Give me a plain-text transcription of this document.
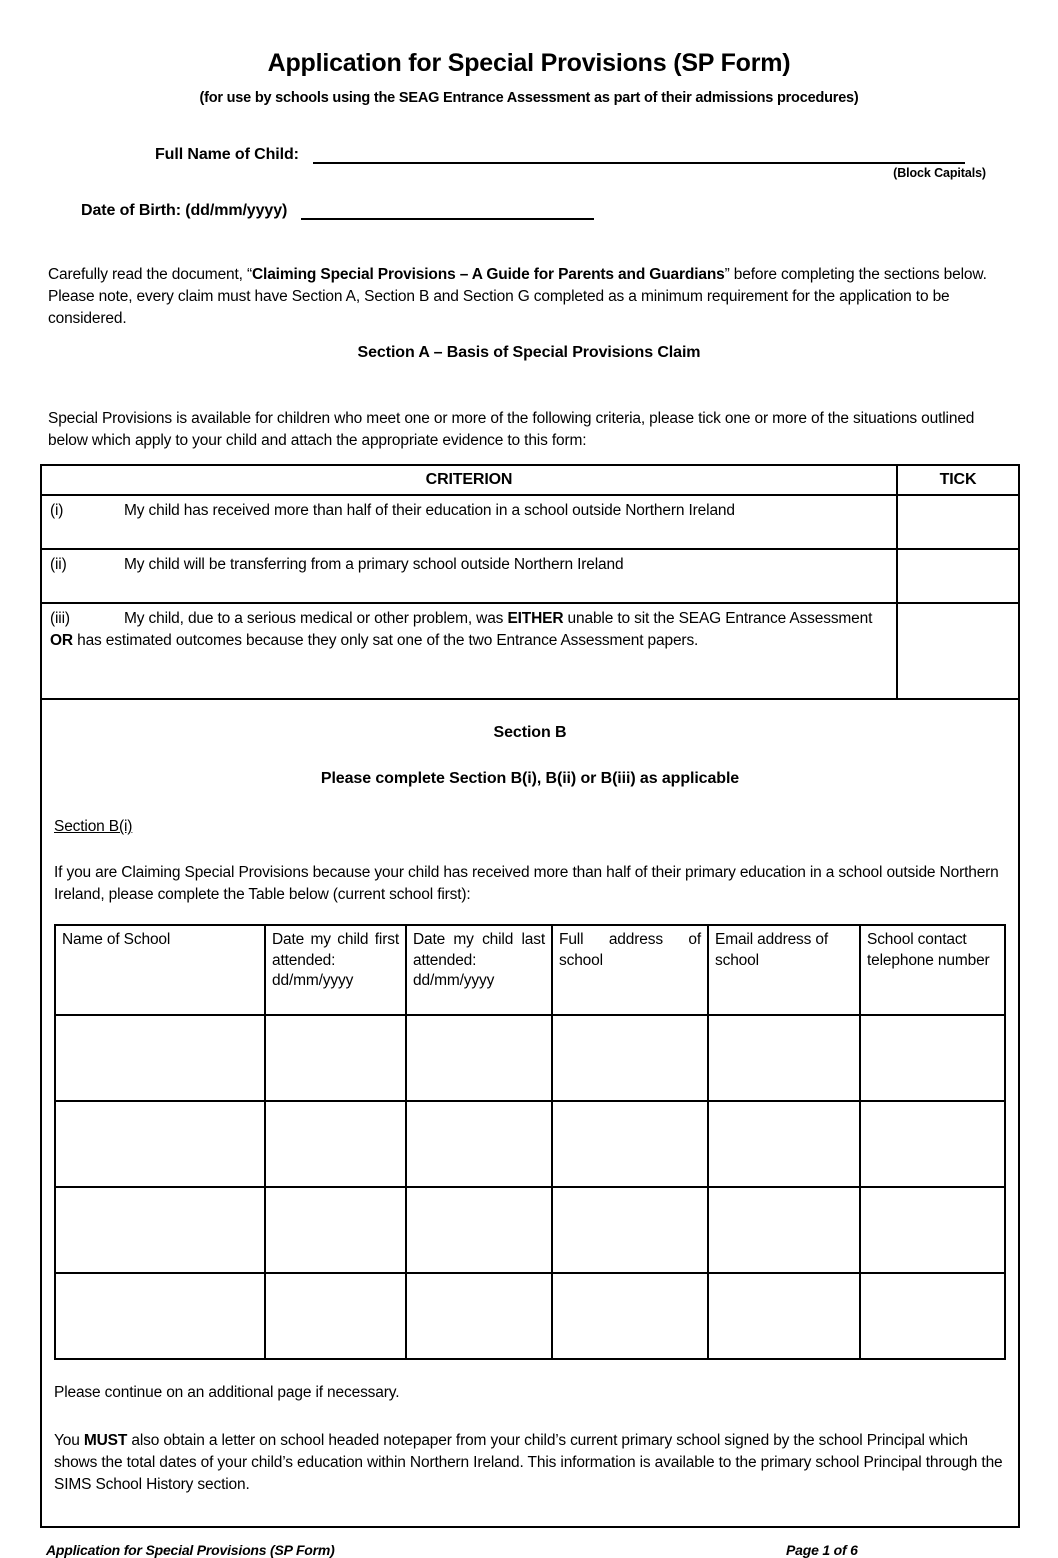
Application for Special Provisions (SP Form)
(for use by schools using the SEAG Entrance Assessment as part of their admissions procedures)
Full Name of Child:
(Block Capitals)
Date of Birth: (dd/mm/yyyy)

Carefully read the document, “Claiming Special Provisions – A Guide for Parents and Guardians” before completing the sections below. Please note, every claim must have Section A, Section B and Section G completed as a minimum requirement for the application to be considered.

Section A – Basis of Special Provisions Claim

Special Provisions is available for children who meet one or more of the following criteria, please tick one or more of the situations outlined below which apply to your child and attach the appropriate evidence to this form:

CRITERION	TICK
(i) My child has received more than half of their education in a school outside Northern Ireland	
(ii) My child will be transferring from a primary school outside Northern Ireland	
(iii) My child, due to a serious medical or other problem, was EITHER unable to sit the SEAG Entrance Assessment OR has estimated outcomes because they only sat one of the two Entrance Assessment papers.	
Section B
Please complete Section B(i), B(ii) or B(iii) as applicable
Section B(i)

If you are Claiming Special Provisions because your child has received more than half of their primary education in a school outside Northern Ireland, please complete the Table below (current school first):

Name of School	Date my child first attended: dd/mm/yyyy	Date my child last attended: dd/mm/yyyy	Full address of school	Email address of school	School contact telephone number

Please continue on an additional page if necessary.

You MUST also obtain a letter on school headed notepaper from your child’s current primary school signed by the school Principal which shows the total dates of your child’s education within Northern Ireland. This information is available to the primary school Principal through the SIMS School History section.

Application for Special Provisions (SP Form)	Page 1 of 6
